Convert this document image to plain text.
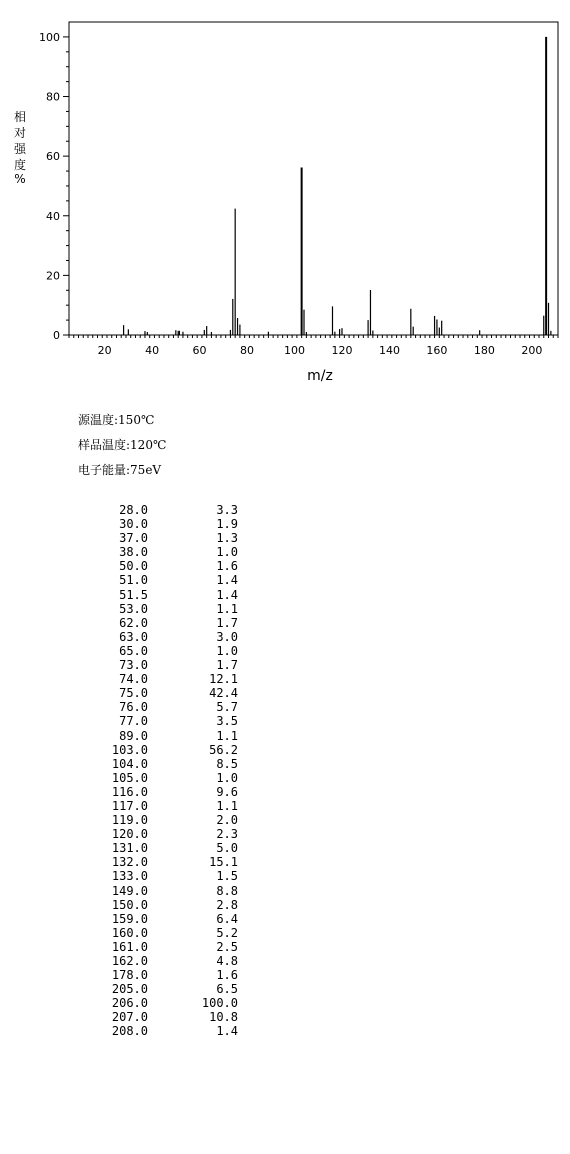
20	40	60	80	100 120 140 160 180 200
0
20
40
60
80
100
m/z
相
对
强
度
%
源温度:150℃
样品温度:120℃
电子能量:75eV
28.0	3.3
30.0	1.9
37.0	1.3
38.0	1.0
50.0	1.6
51.0	1.4
51.5	1.4
53.0	1.1
62.0	1.7
63.0	3.0
65.0	1.0
73.0	1.7
74.0	12.1
75.0	42.4
76.0	5.7
77.0	3.5
89.0	1.1
103.0	56.2
104.0	8.5
105.0	1.0
116.0	9.6
117.0	1.1
119.0	2.0
120.0	2.3
131.0	5.0
132.0	15.1
133.0	1.5
149.0	8.8
150.0	2.8
159.0	6.4
160.0	5.2
161.0	2.5
162.0	4.8
178.0	1.6
205.0	6.5
206.0	100.0
207.0	10.8
208.0	1.4
